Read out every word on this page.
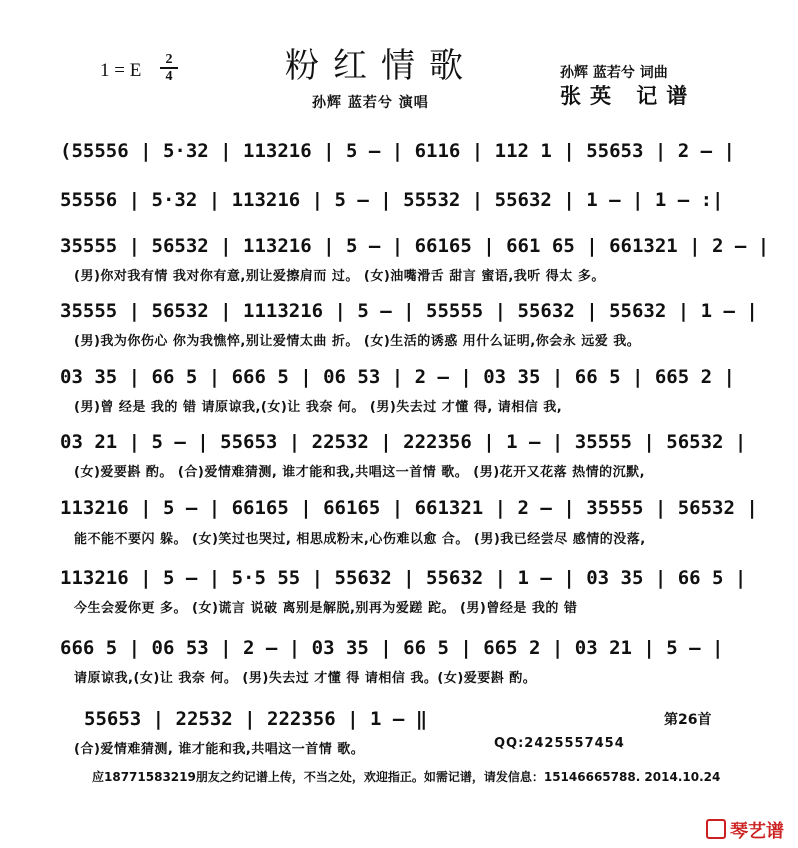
1 = E
2
4	粉红情歌
孙辉 蓝若兮 演唱
孙辉 蓝若兮 词曲
张英 记谱
(55556 | 5·32 | 113216 | 5 – | 6116 | 112 1 | 55653 | 2 – |
55556 | 5·32 | 113216 | 5 – | 55532 | 55632 | 1 – | 1 – :|
35555 | 56532 | 113216 | 5 – | 66165 | 661 65 | 661321 | 2 – |
(男)你对我有情 我对你有意,别让爱擦肩而 过。 (女)油嘴滑舌 甜言 蜜语,我听 得太 多。
35555 | 56532 | 1113216 | 5 – | 55555 | 55632 | 55632 | 1 – |
(男)我为你伤心 你为我憔悴,别让爱情太曲 折。 (女)生活的诱惑 用什么证明,你会永 远爱 我。
03 35 | 66 5 | 666 5 | 06 53 | 2 – | 03 35 | 66 5 | 665 2 |
(男)曾 经是 我的 错 请原谅我,(女)让 我奈 何。 (男)失去过 才懂 得, 请相信 我,
03 21 | 5 – | 55653 | 22532 | 222356 | 1 – | 35555 | 56532 |
(女)爱要斟 酌。 (合)爱情难猜测, 谁才能和我,共唱这一首情 歌。 (男)花开又花落 热情的沉默,
113216 | 5 – | 66165 | 66165 | 661321 | 2 – | 35555 | 56532 |
能不能不要闪 躲。 (女)笑过也哭过, 相思成粉末,心伤难以愈 合。 (男)我已经尝尽 感情的没落,
113216 | 5 – | 5·5 55 | 55632 | 55632 | 1 – | 03 35 | 66 5 |
今生会爱你更 多。 (女)谎言 说破 离别是解脱,别再为爱蹉 跎。 (男)曾经是 我的 错
666 5 | 06 53 | 2 – | 03 35 | 66 5 | 665 2 | 03 21 | 5 – |
请原谅我,(女)让 我奈 何。 (男)失去过 才懂 得 请相信 我。(女)爱要斟 酌。
55653 | 22532 | 222356 | 1 – ‖
(合)爱情难猜测, 谁才能和我,共唱这一首情 歌。
第26首
QQ:2425557454
应18771583219朋友之约记谱上传，不当之处，欢迎指正。如需记谱，请发信息：15146665788. 2014.10.24
琴艺谱
